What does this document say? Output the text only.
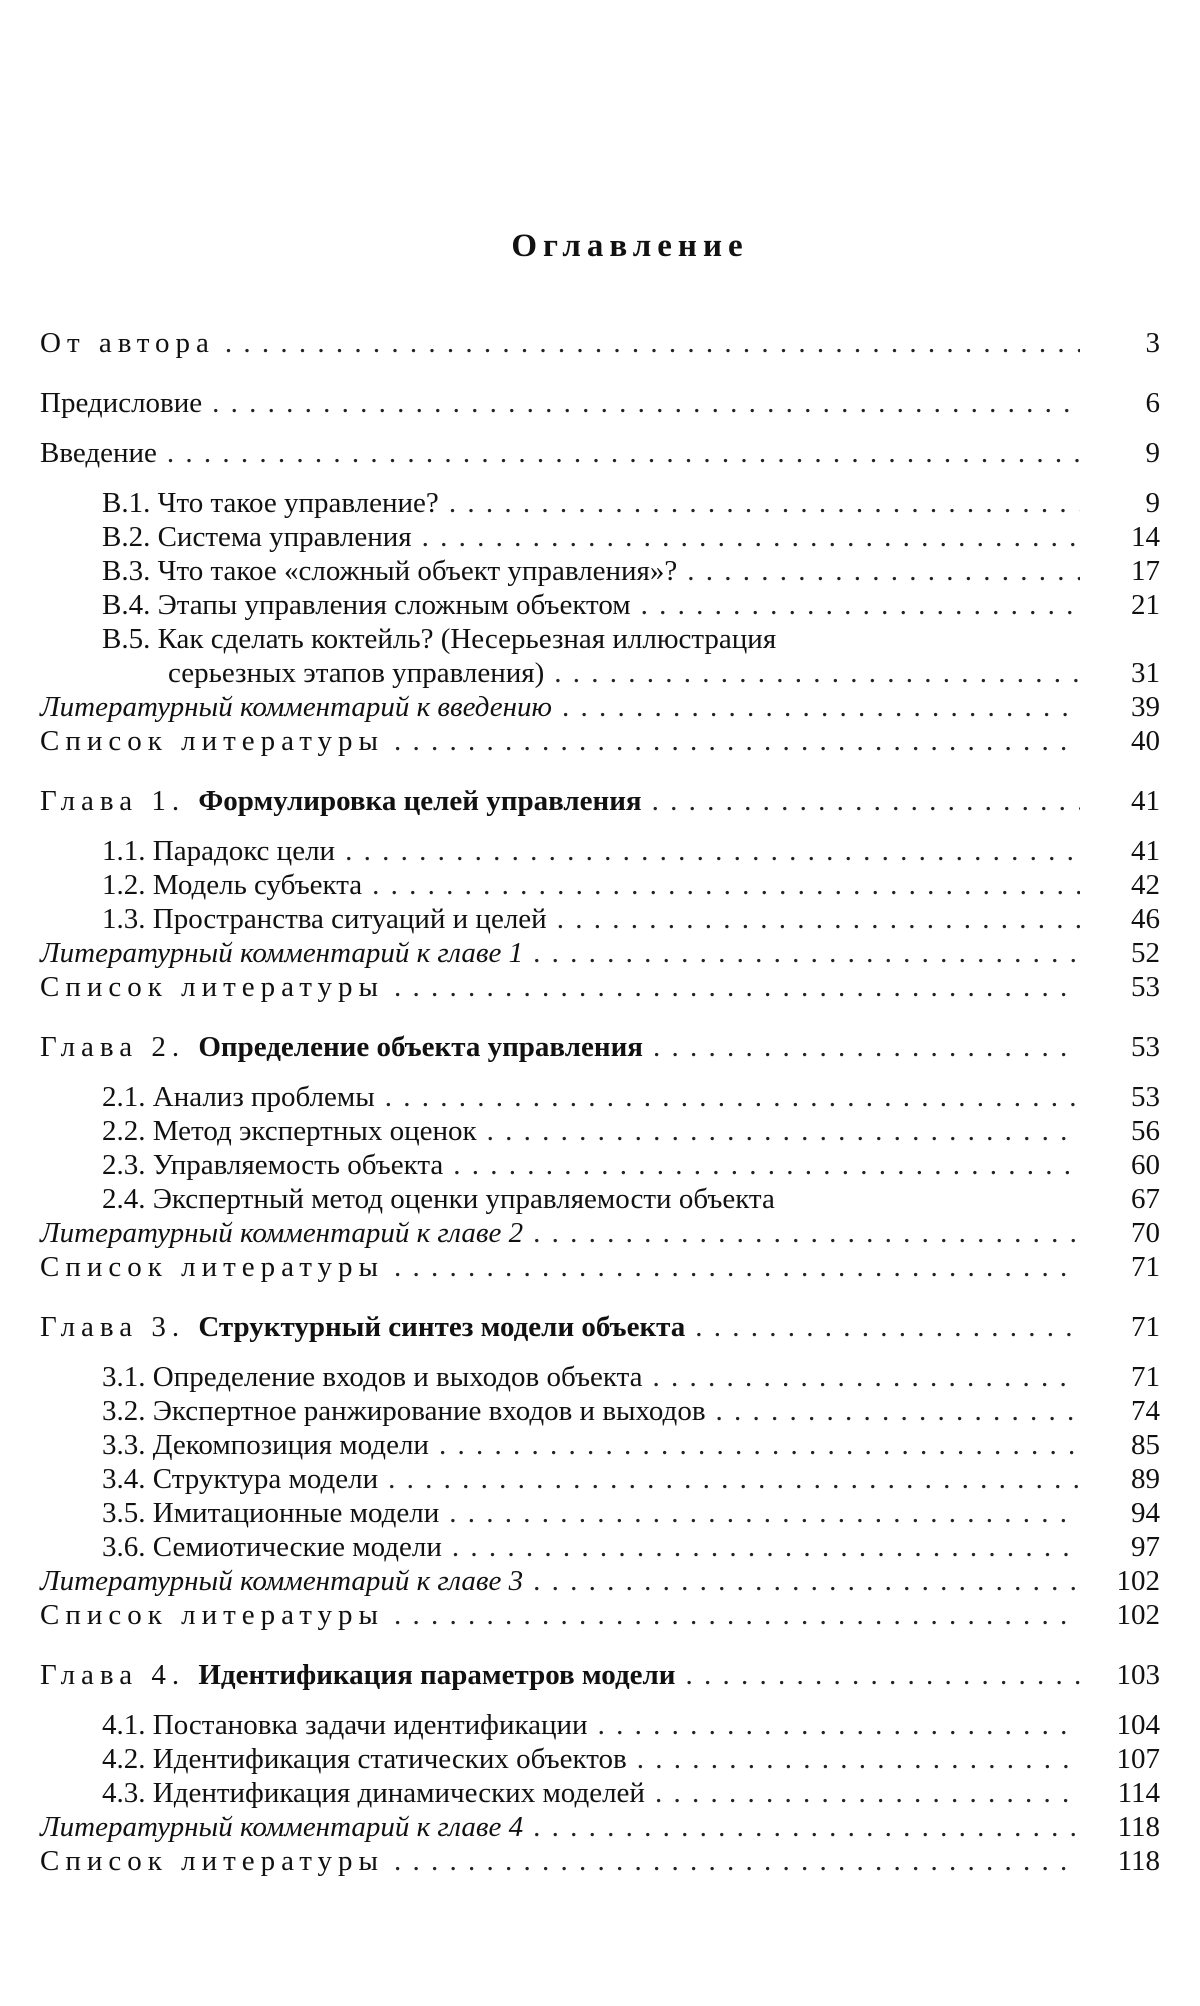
Оглавление
От автора . . .	3
Предисловие . . .	6
Введение . . .	9
В.1. Что такое управление? . . .	9
В.2. Система управления . . .	14
В.3. Что такое «сложный объект управления»? . . .	17
В.4. Этапы управления сложным объектом . . .	21
В.5. Как сделать коктейль? (Несерьезная иллюстрация
серьезных этапов управления) . . .	31
Литературный комментарий к введению . . .	39
Список литературы . . .	40
Глава 1. Формулировка целей управления . . .	41
1.1. Парадокс цели . . .	41
1.2. Модель субъекта . . .	42
1.3. Пространства ситуаций и целей . . .	46
Литературный комментарий к главе 1 . . .	52
Список литературы . . .	53
Глава 2. Определение объекта управления . . .	53
2.1. Анализ проблемы . . .	53
2.2. Метод экспертных оценок . . .	56
2.3. Управляемость объекта . . .	60
2.4. Экспертный метод оценки управляемости объекта	67
Литературный комментарий к главе 2 . . .	70
Список литературы . . .	71
Глава 3. Структурный синтез модели объекта . . .	71
3.1. Определение входов и выходов объекта . . .	71
3.2. Экспертное ранжирование входов и выходов . . .	74
3.3. Декомпозиция модели . . .	85
3.4. Структура модели . . .	89
3.5. Имитационные модели . . .	94
3.6. Семиотические модели . . .	97
Литературный комментарий к главе 3 . . .	102
Список литературы . . .	102
Глава 4. Идентификация параметров модели . . .	103
4.1. Постановка задачи идентификации . . .	104
4.2. Идентификация статических объектов . . .	107
4.3. Идентификация динамических моделей . . .	114
Литературный комментарий к главе 4 . . .	118
Список литературы . . .	118
